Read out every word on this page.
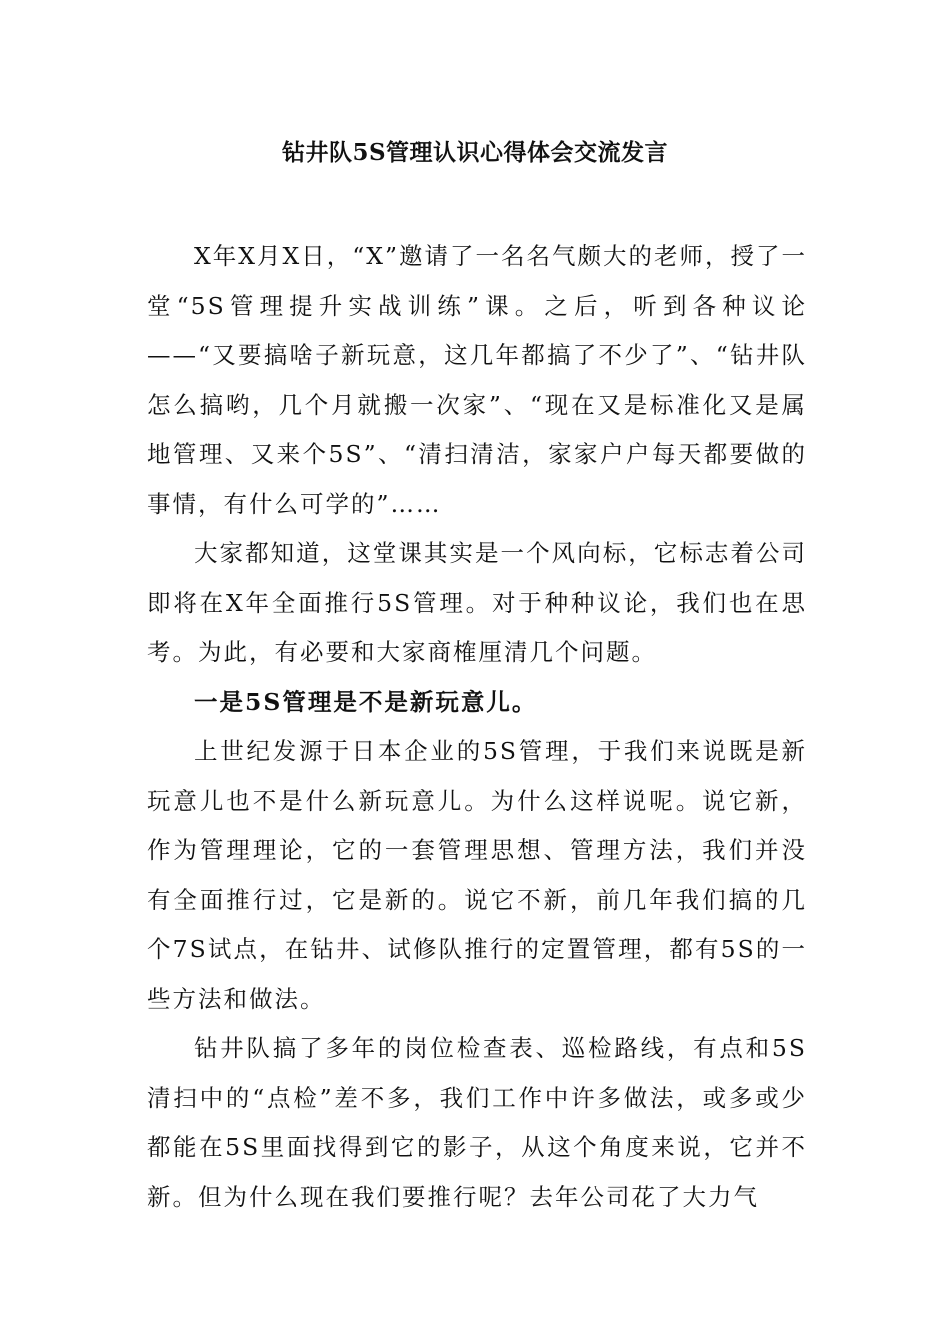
钻井队5S管理认识心得体会交流发言

X年X月X日，“X”邀请了一名名气颇大的老师，授了一堂“5S管理提升实战训练”课。之后，听到各种议论——“又要搞啥子新玩意，这几年都搞了不少了”、“钻井队怎么搞哟，几个月就搬一次家”、“现在又是标准化又是属地管理、又来个5S”、“清扫清洁，家家户户每天都要做的事情，有什么可学的”……

大家都知道，这堂课其实是一个风向标，它标志着公司即将在X年全面推行5S管理。对于种种议论，我们也在思考。为此，有必要和大家商榷厘清几个问题。

一是5S管理是不是新玩意儿。

上世纪发源于日本企业的5S管理，于我们来说既是新玩意儿也不是什么新玩意儿。为什么这样说呢。说它新，作为管理理论，它的一套管理思想、管理方法，我们并没有全面推行过，它是新的。说它不新，前几年我们搞的几个7S试点，在钻井、试修队推行的定置管理，都有5S的一些方法和做法。

钻井队搞了多年的岗位检查表、巡检路线，有点和5S清扫中的“点检”差不多，我们工作中许多做法，或多或少都能在5S里面找得到它的影子，从这个角度来说，它并不新。但为什么现在我们要推行呢？去年公司花了大力气
